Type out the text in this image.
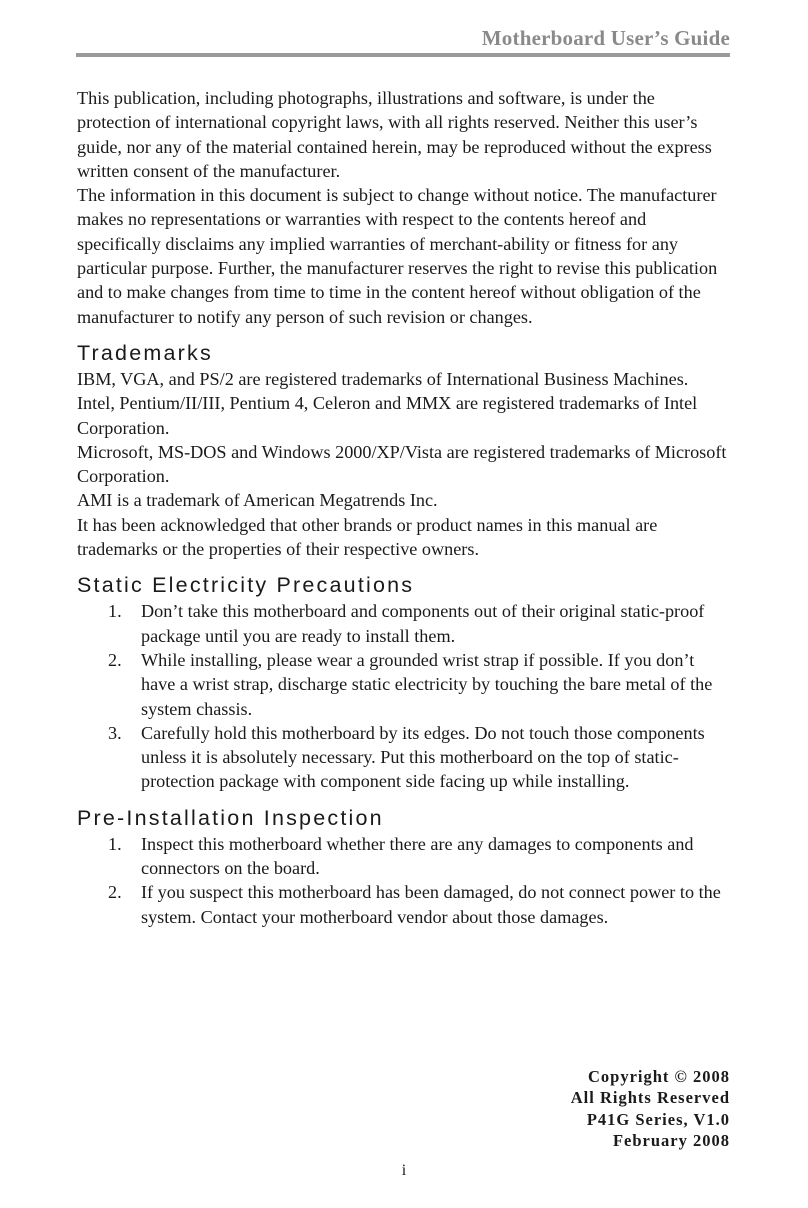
Motherboard User’s Guide

This publication, including photographs, illustrations and software, is under the protection of international copyright laws, with all rights reserved. Neither this user’s guide, nor any of the material contained herein, may be reproduced without the express written consent of the manufacturer.

The information in this document is subject to change without notice. The manufacturer makes no representations or warranties with respect to the contents hereof and specifically disclaims any implied warranties of merchant-ability or fitness for any particular purpose. Further, the manufacturer reserves the right to revise this publication and to make changes from time to time in the content hereof without obligation of the manufacturer to notify any person of such revision or changes.

Trademarks

IBM, VGA, and PS/2 are registered trademarks of International Business Machines.

Intel, Pentium/II/III, Pentium 4, Celeron and MMX are registered trademarks of Intel Corporation.

Microsoft, MS-DOS and Windows 2000/XP/Vista are registered trademarks of Microsoft Corporation.

AMI is a trademark of American Megatrends Inc.

It has been acknowledged that other brands or product names in this manual are trademarks or the properties of their respective owners.

Static Electricity Precautions
1. Don’t take this motherboard and components out of their original static-proof package until you are ready to install them.
2. While installing, please wear a grounded wrist strap if possible. If you don’t have a wrist strap, discharge static electricity by touching the bare metal of the system chassis.
3. Carefully hold this motherboard by its edges. Do not touch those components unless it is absolutely necessary. Put this motherboard on the top of static-protection package with component side facing up while installing.
Pre-Installation Inspection
1. Inspect this motherboard whether there are any damages to components and connectors on the board.
2. If you suspect this motherboard has been damaged, do not connect power to the system. Contact your motherboard vendor about those damages.
Copyright © 2008
All Rights Reserved
P41G Series, V1.0
February 2008
i
